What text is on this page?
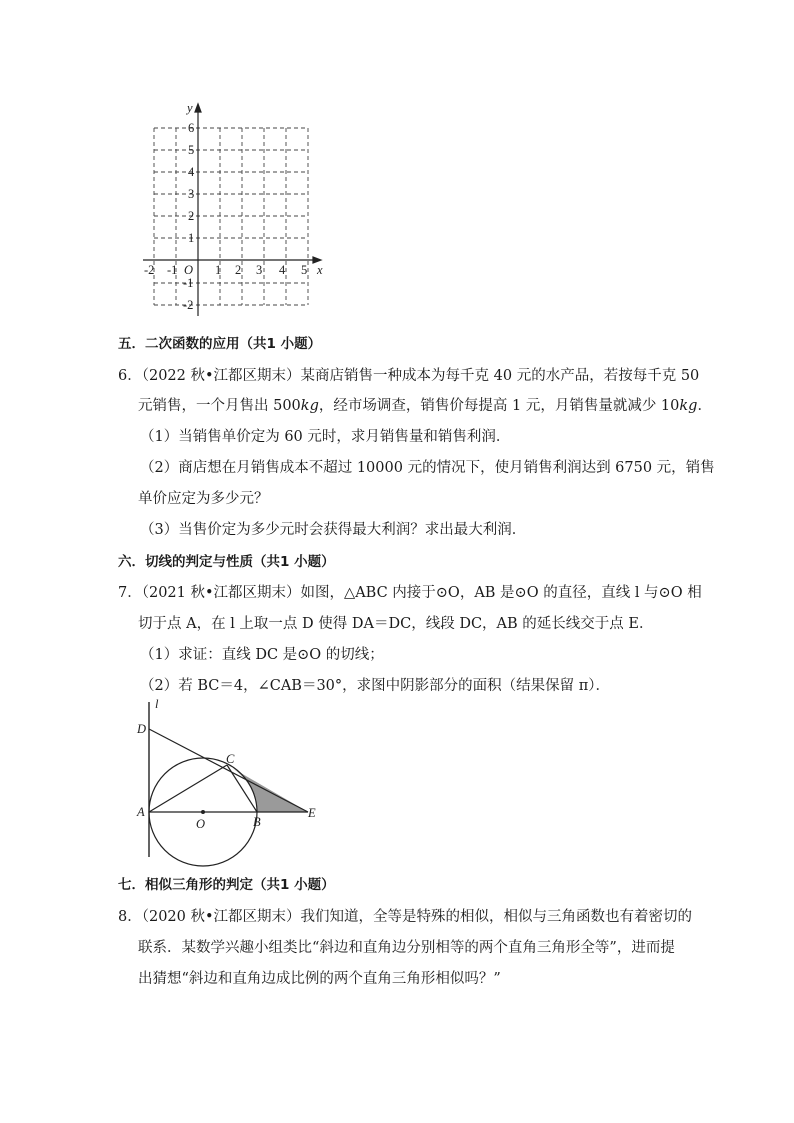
y
x
O
-2 -1	1 2 3 4 5
6
5
4
3
2
1
-1
-2
五．二次函数的应用（共1 小题）
6．（2022 秋•江都区期末）某商店销售一种成本为每千克 40 元的水产品，若按每千克 50
元销售，一个月售出 500kg，经市场调查，销售价每提高 1 元，月销售量就减少 10kg．
（1）当销售单价定为 60 元时，求月销售量和销售利润．
（2）商店想在月销售成本不超过 10000 元的情况下，使月销售利润达到 6750 元，销售
单价应定为多少元？
（3）当售价定为多少元时会获得最大利润？求出最大利润．
六．切线的判定与性质（共1 小题）
7．（2021 秋•江都区期末）如图，△ABC 内接于⊙O，AB 是⊙O 的直径，直线 l 与⊙O 相
切于点 A，在 l 上取一点 D 使得 DA＝DC，线段 DC，AB 的延长线交于点 E．
（1）求证：直线 DC 是⊙O 的切线；
（2）若 BC＝4，∠CAB＝30°，求图中阴影部分的面积（结果保留 π）．
l
D
C
A
O	B
E
七．相似三角形的判定（共1 小题）
8．（2020 秋•江都区期末）我们知道，全等是特殊的相似，相似与三角函数也有着密切的
联系．某数学兴趣小组类比“斜边和直角边分别相等的两个直角三角形全等”，进而提
出猜想“斜边和直角边成比例的两个直角三角形相似吗？”
